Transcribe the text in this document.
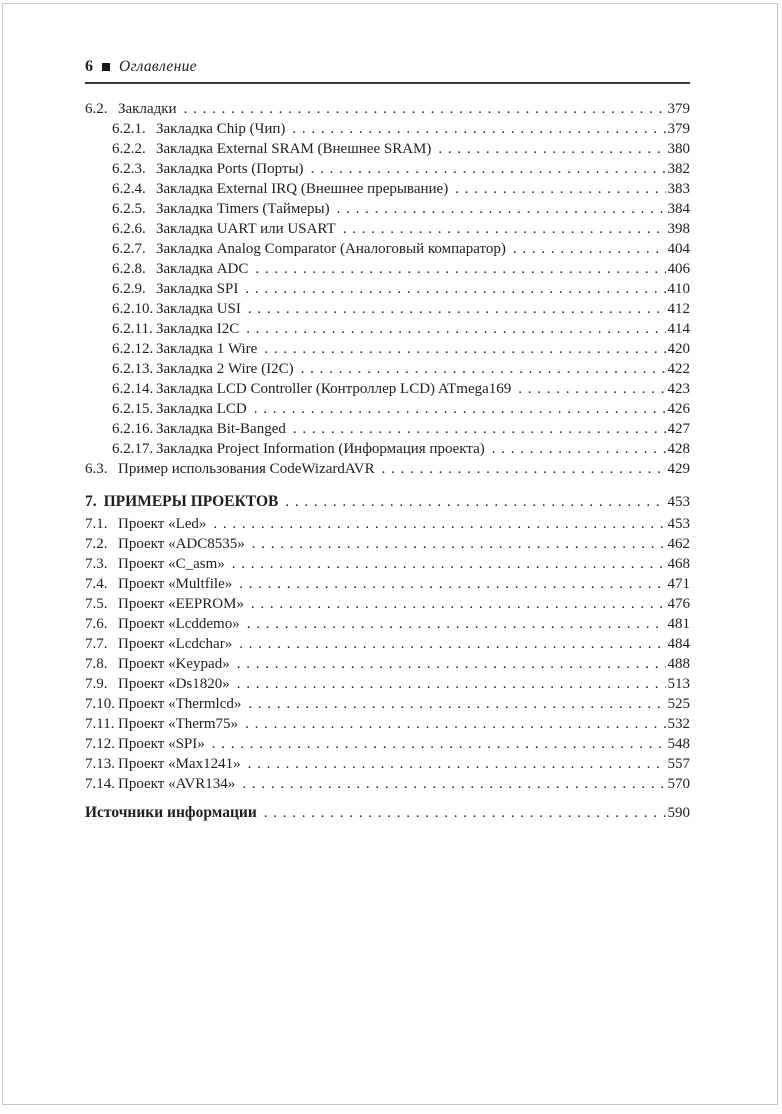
6 Оглавление
6.2. Закладки . . .	379
6.2.1. Закладка Chip (Чип) . . .	379
6.2.2. Закладка External SRAM (Внешнее SRAM) . . .	380
6.2.3. Закладка Ports (Порты) . . .	382
6.2.4. Закладка External IRQ (Внешнее прерывание) . . .	383
6.2.5. Закладка Timers (Таймеры) . . .	384
6.2.6. Закладка UART или USART . . .	398
6.2.7. Закладка Analog Comparator (Аналоговый компаратор) . . .	404
6.2.8. Закладка ADC . . .	406
6.2.9. Закладка SPI . . .	410
6.2.10. Закладка USI . . .	412
6.2.11. Закладка I2C . . .	414
6.2.12. Закладка 1 Wire . . .	420
6.2.13. Закладка 2 Wire (I2C) . . .	422
6.2.14. Закладка LCD Controller (Контроллер LCD) ATmega169 . . .	423
6.2.15. Закладка LCD . . .	426
6.2.16. Закладка Bit-Banged . . .	427
6.2.17. Закладка Project Information (Информация проекта) . . .	428
6.3. Пример использования CodeWizardAVR . . .	429
7. ПРИМЕРЫ ПРОЕКТОВ . . .	453
7.1. Проект «Led» . . .	453
7.2. Проект «ADC8535» . . .	462
7.3. Проект «C_asm» . . .	468
7.4. Проект «Multfile» . . .	471
7.5. Проект «EEPROM» . . .	476
7.6. Проект «Lcddemo» . . .	481
7.7. Проект «Lcdchar» . . .	484
7.8. Проект «Keypad» . . .	488
7.9. Проект «Ds1820» . . .	513
7.10. Проект «Thermlcd» . . .	525
7.11. Проект «Therm75» . . .	532
7.12. Проект «SPI» . . .	548
7.13. Проект «Max1241» . . .	557
7.14. Проект «AVR134» . . .	570
Источники информации . . .	590
